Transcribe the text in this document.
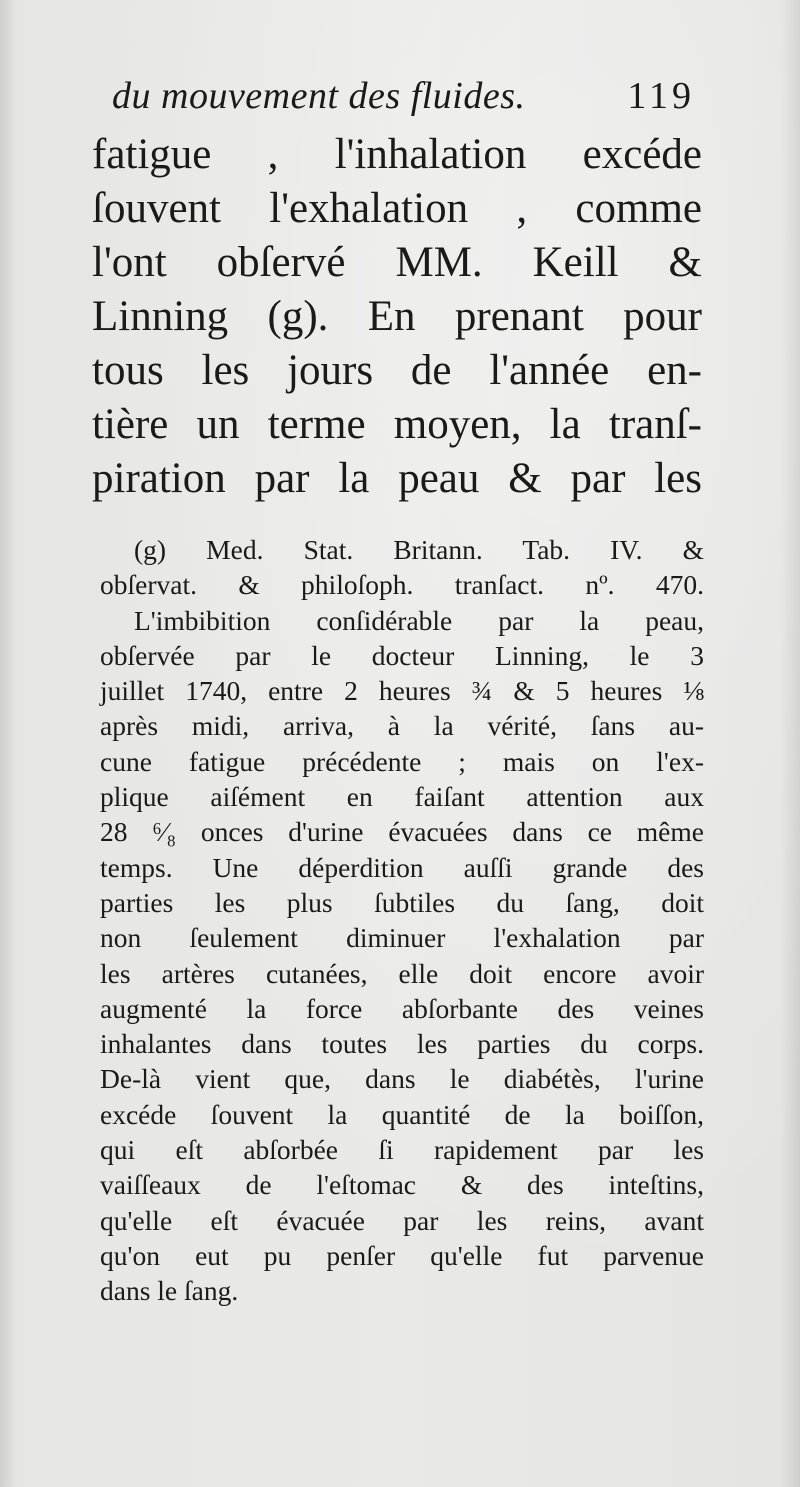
du mouvement des fluides.	119
fatigue , l'inhalation excéde
ſouvent l'exhalation , comme
l'ont obſervé MM. Keill &
Linning (g). En prenant pour
tous les jours de l'année en-
tière un terme moyen, la tranſ-
piration par la peau & par les
(g) Med. Stat. Britann. Tab. IV. &
obſervat. & philoſoph. tranſact. nº. 470.
L'imbibition conſidérable par la peau,
obſervée par le docteur Linning, le 3
juillet 1740, entre 2 heures ¾ & 5 heures ⅛
après midi, arriva, à la vérité, ſans au-
cune fatigue précédente ; mais on l'ex-
plique aiſément en faiſant attention aux
28 ⁶⁄₈ onces d'urine évacuées dans ce même
temps. Une déperdition auſſi grande des
parties les plus ſubtiles du ſang, doit
non ſeulement diminuer l'exhalation par
les artères cutanées, elle doit encore avoir
augmenté la force abſorbante des veines
inhalantes dans toutes les parties du corps.
De-là vient que, dans le diabétès, l'urine
excéde ſouvent la quantité de la boiſſon,
qui eſt abſorbée ſi rapidement par les
vaiſſeaux de l'eſtomac & des inteſtins,
qu'elle eſt évacuée par les reins, avant
qu'on eut pu penſer qu'elle fut parvenue
dans le ſang.
